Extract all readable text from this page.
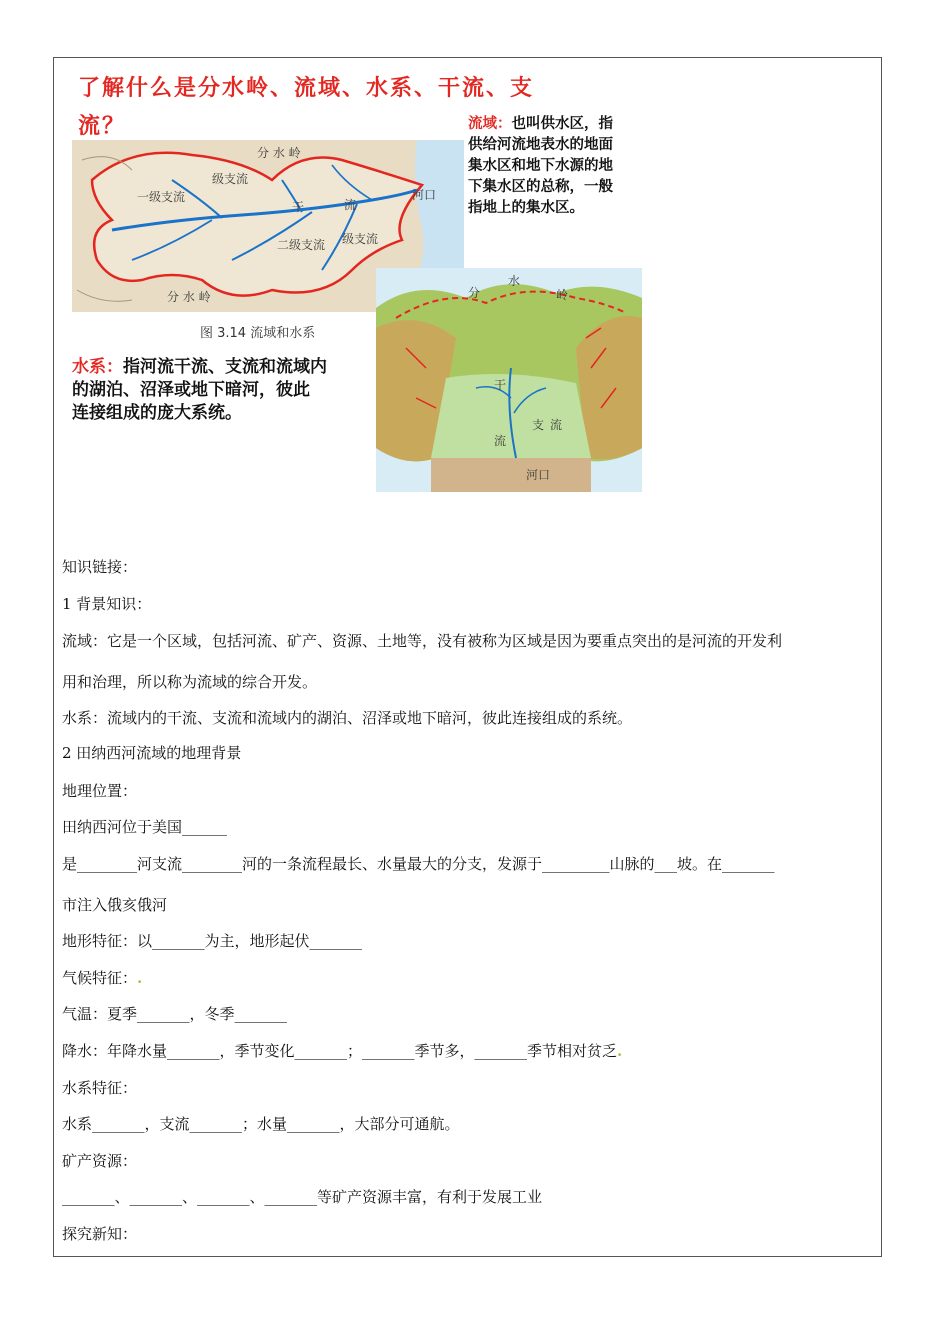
了解什么是分水岭、流域、水系、干流、支
流？
分 水 岭
一级支流
级支流
干	流
河口
二级支流 级支流
分 水 岭
图 3.14 流域和水系
流域：也叫供水区，指
供给河流地表水的地面
集水区和地下水源的地
下集水区的总称，一般
指地上的集水区。
水系：指河流干流、支流和流域内
的湖泊、沼泽或地下暗河，彼此
连接组成的庞大系统。
分
水
岭
干
流
支 流
河口
知识链接：
1 背景知识：
流域：它是一个区域，包括河流、矿产、资源、土地等，没有被称为区域是因为要重点突出的是河流的开发利
用和治理，所以称为流域的综合开发。
水系：流域内的干流、支流和流域内的湖泊、沼泽或地下暗河，彼此连接组成的系统。
2 田纳西河流域的地理背景
地理位置：
田纳西河位于美国______
是________河支流________河的一条流程最长、水量最大的分支，发源于_________山脉的___坡。在_______
市注入俄亥俄河
地形特征：以_______为主，地形起伏_______
气候特征：.
气温：夏季_______，冬季_______
降水：年降水量_______，季节变化_______；_______季节多，_______季节相对贫乏.
水系特征：
水系_______，支流_______；水量_______，大部分可通航。
矿产资源：
_______、_______、_______、_______等矿产资源丰富，有利于发展工业
探究新知：
